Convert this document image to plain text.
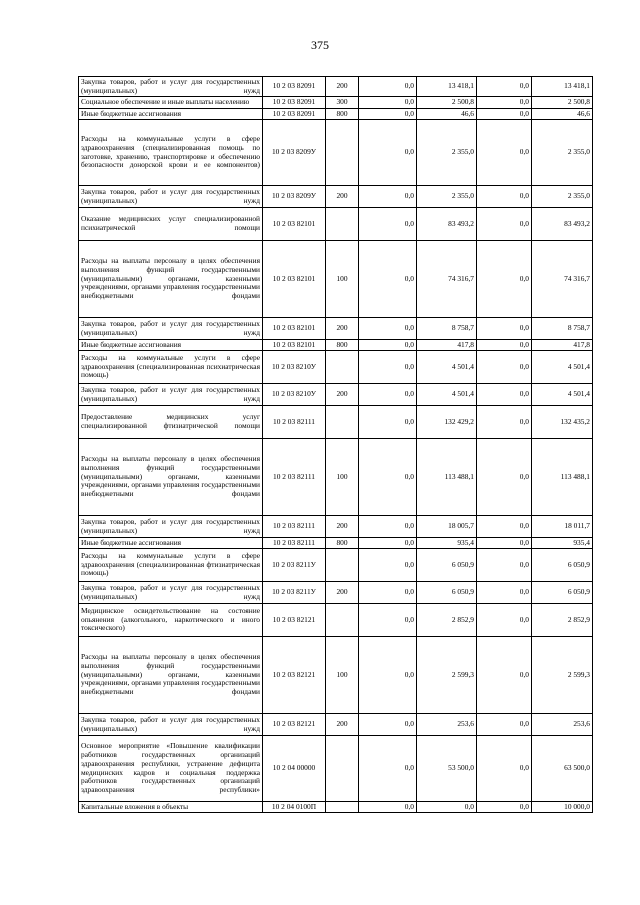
375
Закупка товаров, работ и услуг для государственных (муниципальных) нужд	10 2 03 82091	200	0,0	13 418,1	0,0	13 418,1
Социальное обеспечение и иные выплаты населению	10 2 03 82091	300	0,0	2 500,8	0,0	2 500,8
Иные бюджетные ассигнования	10 2 03 82091	800	0,0	46,6	0,0	46,6
Расходы на коммунальные услуги в сфере здравоохранения (специализированная помощь по заготовке, хранению, транспортировке и обеспечению безопасности донорской крови и ее компонентов)	10 2 03 8209У		0,0	2 355,0	0,0	2 355,0
Закупка товаров, работ и услуг для государственных (муниципальных) нужд	10 2 03 8209У	200	0,0	2 355,0	0,0	2 355,0
Оказание медицинских услуг специализированной психиатрической помощи	10 2 03 82101		0,0	83 493,2	0,0	83 493,2
Расходы на выплаты персоналу в целях обеспечения выполнения функций государственными (муниципальными) органами, казенными учреждениями, органами управления государственными внебюджетными фондами	10 2 03 82101	100	0,0	74 316,7	0,0	74 316,7
Закупка товаров, работ и услуг для государственных (муниципальных) нужд	10 2 03 82101	200	0,0	8 758,7	0,0	8 758,7
Иные бюджетные ассигнования	10 2 03 82101	800	0,0	417,8	0,0	417,8
Расходы на коммунальные услуги в сфере здравоохранения (специализированная психиатрическая помощь)	10 2 03 8210У		0,0	4 501,4	0,0	4 501,4
Закупка товаров, работ и услуг для государственных (муниципальных) нужд	10 2 03 8210У	200	0,0	4 501,4	0,0	4 501,4
Предоставление медицинских услуг специализированной фтизиатрической помощи	10 2 03 82111		0,0	132 429,2	0,0	132 435,2
Расходы на выплаты персоналу в целях обеспечения выполнения функций государственными (муниципальными) органами, казенными учреждениями, органами управления государственными внебюджетными фондами	10 2 03 82111	100	0,0	113 488,1	0,0	113 488,1
Закупка товаров, работ и услуг для государственных (муниципальных) нужд	10 2 03 82111	200	0,0	18 005,7	0,0	18 011,7
Иные бюджетные ассигнования	10 2 03 82111	800	0,0	935,4	0,0	935,4
Расходы на коммунальные услуги в сфере здравоохранения (специализированная фтизиатрическая помощь)	10 2 03 8211У		0,0	6 050,9	0,0	6 050,9
Закупка товаров, работ и услуг для государственных (муниципальных) нужд	10 2 03 8211У	200	0,0	6 050,9	0,0	6 050,9
Медицинское освидетельствование на состояние опьянения (алкогольного, наркотического и иного токсического)	10 2 03 82121		0,0	2 852,9	0,0	2 852,9
Расходы на выплаты персоналу в целях обеспечения выполнения функций государственными (муниципальными) органами, казенными учреждениями, органами управления государственными внебюджетными фондами	10 2 03 82121	100	0,0	2 599,3	0,0	2 599,3
Закупка товаров, работ и услуг для государственных (муниципальных) нужд	10 2 03 82121	200	0,0	253,6	0,0	253,6
Основное мероприятие «Повышение квалификации работников государственных организаций здравоохранения республики, устранение дефицита медицинских кадров и социальная поддержка работников государственных организаций здравоохранения республики»	10 2 04 00000		0,0	53 500,0	0,0	63 500,0
Капитальные вложения в объекты	10 2 04 0100П		0,0	0,0	0,0	10 000,0
